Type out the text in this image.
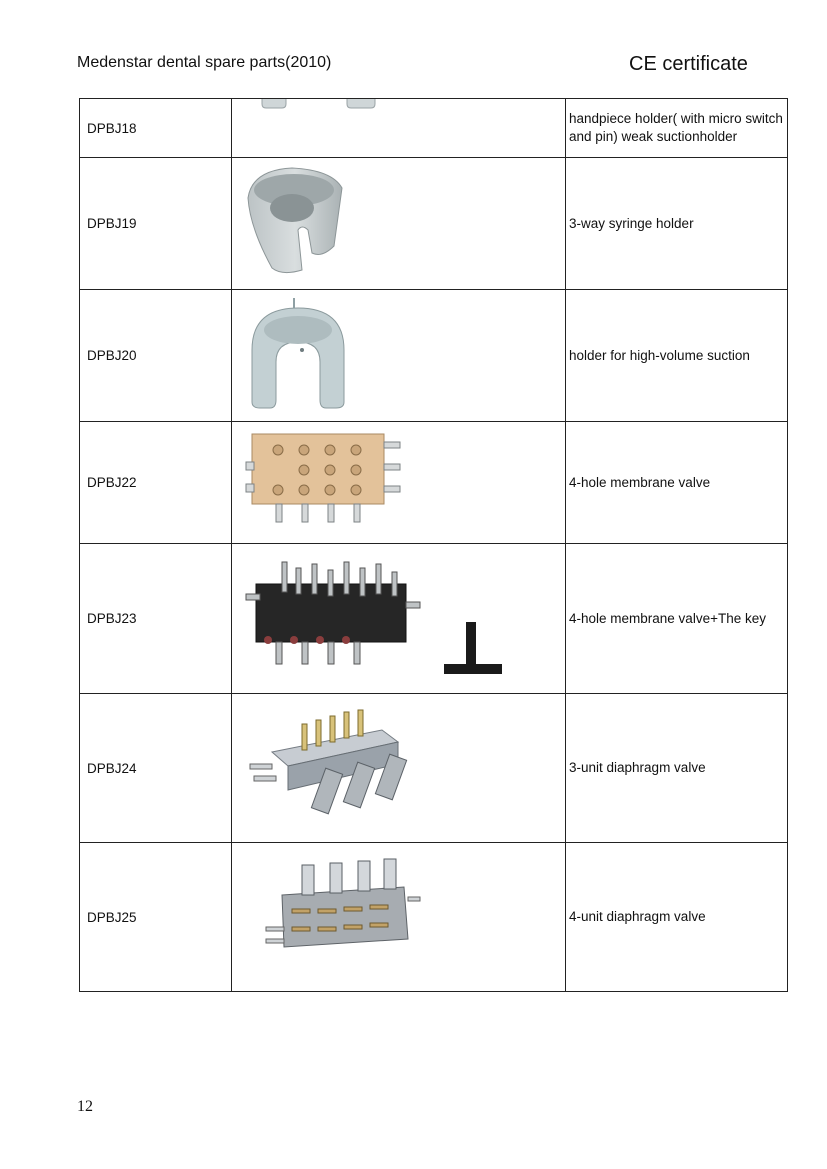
Medenstar dental spare parts(2010)	CE certificate
DPBJ18		handpiece holder( with micro switch and pin) weak suctionholder
DPBJ19		3-way syringe holder
DPBJ20		holder for high-volume suction
DPBJ22		4-hole membrane valve
DPBJ23		4-hole membrane valve+The key
DPBJ24		3-unit diaphragm valve
DPBJ25		4-unit diaphragm valve
12
